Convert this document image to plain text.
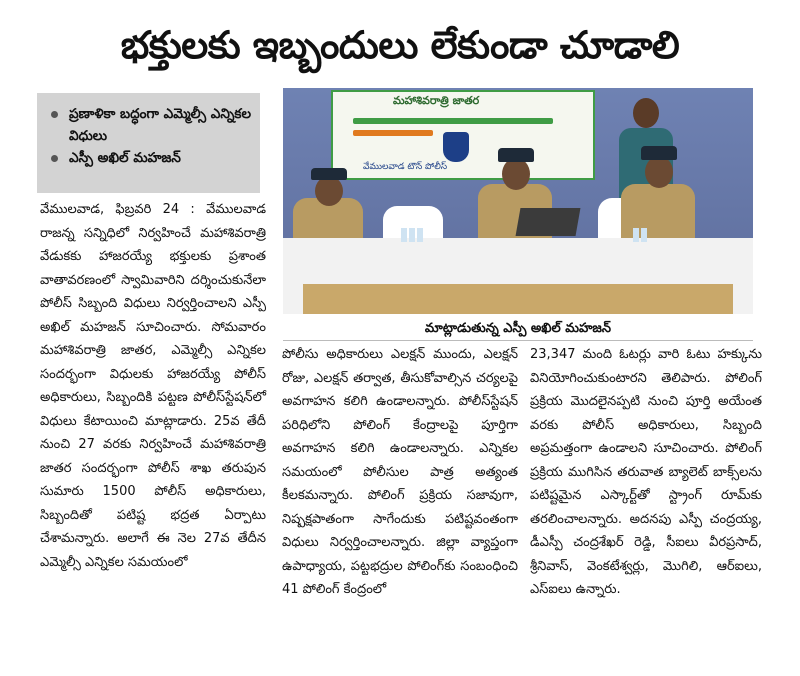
భక్తులకు ఇబ్బందులు లేకుండా చూడాలి
ప్రణాళికా బద్ధంగా ఎమ్మెల్సీ ఎన్నికల విధులు
ఎస్పీ అఖిల్ మహజన్

వేములవాడ, ఫిబ్రవరి 24 : వేములవాడ రాజన్న సన్నిధిలో నిర్వహించే మహాశివరాత్రి వేడుకకు హాజరయ్యే భక్తులకు ప్రశాంత వాతావరణంలో స్వామివారిని దర్శించుకునేలా పోలీస్ సిబ్బంది విధులు నిర్వర్తించాలని ఎస్పీ అఖిల్ మహజన్ సూచించారు. సోమవారం మహాశివరాత్రి జాతర, ఎమ్మెల్సీ ఎన్నికల సందర్భంగా విధులకు హాజరయ్యే పోలీస్ అధికారులు, సిబ్బందికి పట్టణ పోలీస్‌స్టేషన్‌లో విధులు కేటాయించి మాట్లాడారు. 25వ తేదీ నుంచి 27 వరకు నిర్వహించే మహాశివరాత్రి జాతర సందర్భంగా పోలీస్ శాఖ తరుపున సుమారు 1500 పోలీస్ అధికారులు, సిబ్బందితో పటిష్ట భద్రత ఏర్పాటు చేశామన్నారు. అలాగే ఈ నెల 27వ తేదీన ఎమ్మెల్సీ ఎన్నికల సమయంలో

మహాశివరాత్రి జాతర
వేములవాడ టౌన్ పోలీస్
మాట్లాడుతున్న ఎస్పీ అఖిల్ మహజన్

పోలీసు అధికారులు ఎలక్షన్ ముందు, ఎలక్షన్ రోజు, ఎలక్షన్ తర్వాత, తీసుకోవాల్సిన చర్యలపై అవగాహన కలిగి ఉండాలన్నారు. పోలీస్‌స్టేషన్ పరిధిలోని పోలింగ్ కేంద్రాలపై పూర్తిగా అవగాహన కలిగి ఉండాలన్నారు. ఎన్నికల సమయంలో పోలీసుల పాత్ర అత్యంత కీలకమన్నారు. పోలింగ్ ప్రక్రియ సజావుగా, నిష్పక్షపాతంగా సాగేందుకు పటిష్టవంతంగా విధులు నిర్వర్తించాలన్నారు. జిల్లా వ్యాప్తంగా ఉపాధ్యాయ, పట్టభద్రుల పోలింగ్‌కు సంబంధించి 41 పోలింగ్ కేంద్రంలో

23,347 మంది ఓటర్లు వారి ఓటు హక్కును వినియోగించుకుంటారని తెలిపారు. పోలింగ్ ప్రక్రియ మొదలైనప్పటి నుంచి పూర్తి అయేంత వరకు పోలీస్ అధికారులు, సిబ్బంది అప్రమత్తంగా ఉండాలని సూచించారు. పోలింగ్ ప్రక్రియ ముగిసిన తరువాత బ్యాలెట్ బాక్స్‌లను పటిష్టమైన ఎస్కార్ట్‌తో స్ట్రాంగ్ రూమ్‌కు తరలించాలన్నారు. అదనపు ఎస్పీ చంద్రయ్య, డీఎస్పీ చంద్రశేఖర్ రెడ్డి, సీఐలు వీరప్రసాద్, శ్రీనివాస్, వెంకటేశ్వర్లు, మొగిలి, ఆర్‌ఐలు, ఎస్‌ఐలు ఉన్నారు.
